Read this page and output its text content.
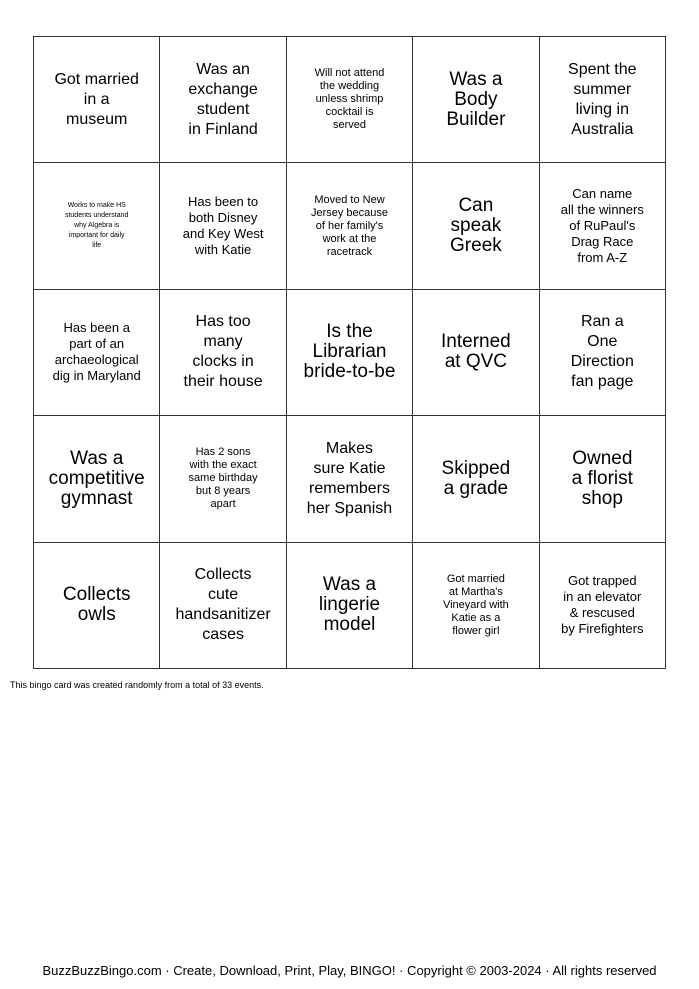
Got married
in a
museum
Was an
exchange
student
in Finland
Will not attend
the wedding
unless shrimp
cocktail is
served
Was a
Body
Builder
Spent the
summer
living in
Australia
Works to make HS
students understand
why Algebra is
important for daily
life
Has been to
both Disney
and Key West
with Katie
Moved to New
Jersey because
of her family's
work at the
racetrack
Can
speak
Greek
Can name
all the winners
of RuPaul's
Drag Race
from A-Z
Has been a
part of an
archaeological
dig in Maryland
Has too
many
clocks in
their house
Is the
Librarian
bride-to-be
Interned
at QVC
Ran a
One
Direction
fan page
Was a
competitive
gymnast
Has 2 sons
with the exact
same birthday
but 8 years
apart
Makes
sure Katie
remembers
her Spanish
Skipped
a grade
Owned
a florist
shop
Collects
owls
Collects
cute
handsanitizer
cases
Was a
lingerie
model
Got married
at Martha's
Vineyard with
Katie as a
flower girl
Got trapped
in an elevator
& rescused
by Firefighters
This bingo card was created randomly from a total of 33 events.
BuzzBuzzBingo.com · Create, Download, Print, Play, BINGO! · Copyright © 2003-2024 · All rights reserved
